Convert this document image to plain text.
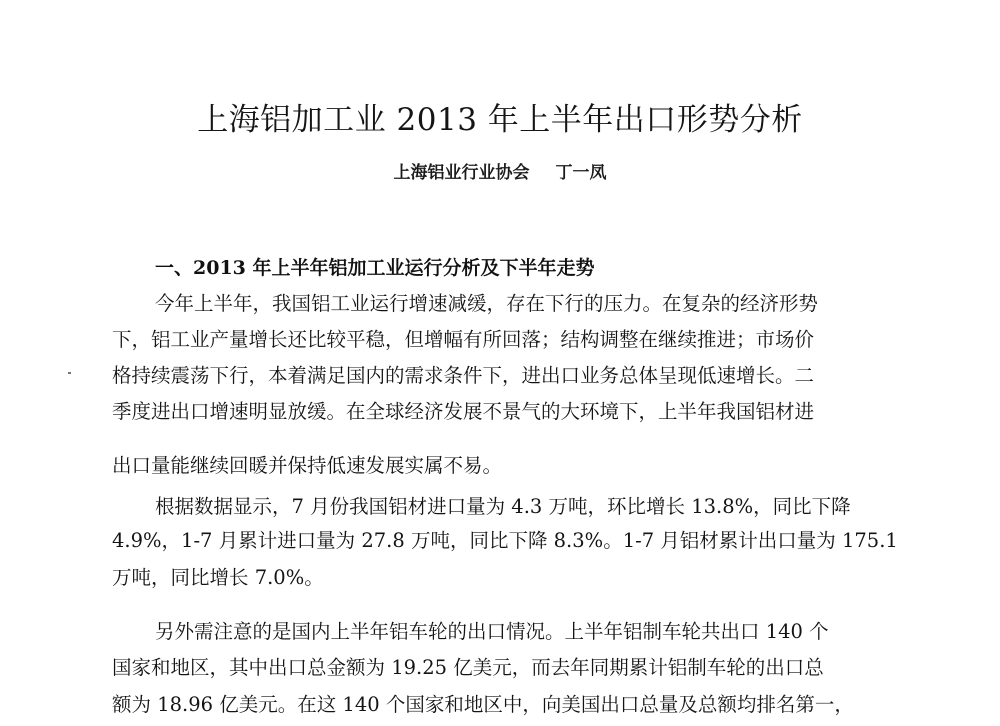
上海铝加工业 2013 年上半年出口形势分析
上海铝业行业协会 丁一凤
一、2013 年上半年铝加工业运行分析及下半年走势
今年上半年，我国铝工业运行增速减缓，存在下行的压力。在复杂的经济形势
下，铝工业产量增长还比较平稳，但增幅有所回落；结构调整在继续推进；市场价
格持续震荡下行，本着满足国内的需求条件下，进出口业务总体呈现低速增长。二
季度进出口增速明显放缓。在全球经济发展不景气的大环境下，上半年我国铝材进
出口量能继续回暖并保持低速发展实属不易。
根据数据显示，7 月份我国铝材进口量为 4.3 万吨，环比增长 13.8%，同比下降
4.9%，1-7 月累计进口量为 27.8 万吨，同比下降 8.3%。1-7 月铝材累计出口量为 175.1
万吨，同比增长 7.0%。
另外需注意的是国内上半年铝车轮的出口情况。上半年铝制车轮共出口 140 个
国家和地区，其中出口总金额为 19.25 亿美元，而去年同期累计铝制车轮的出口总
额为 18.96 亿美元。在这 140 个国家和地区中，向美国出口总量及总额均排名第一，
